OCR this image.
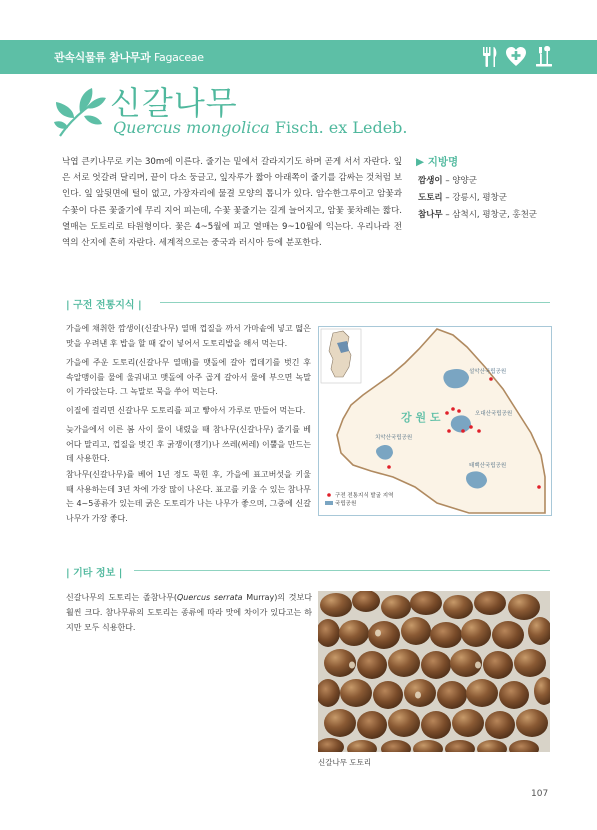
관속식물류 참나무과 Fagaceae
신갈나무
Quercus mongolica Fisch. ex Ledeb.
낙엽 큰키나무로 키는 30m에 이른다. 줄기는 밑에서 갈라지기도 하며 곧게 서서 자란다. 잎은 서로 엇갈려 달리며, 끝이 다소 둥글고, 잎자루가 짧아 아래쪽이 줄기를 감싸는 것처럼 보인다. 잎 앞뒷면에 털이 없고, 가장자리에 물결 모양의 톱니가 있다. 암수한그루이고 암꽃과 수꽃이 다른 꽃줄기에 무리 지어 피는데, 수꽃 꽃줄기는 길게 늘어지고, 암꽃 꽃차례는 짧다. 열매는 도토리로 타원형이다. 꽃은 4~5월에 피고 열매는 9~10월에 익는다. 우리나라 전역의 산지에 흔히 자란다. 세계적으로는 중국과 러시아 등에 분포한다.
▶ 지방명
깜생이 – 양양군
도토리 – 강릉시, 평창군
참나무 – 삼척시, 평창군, 홍천군
| 구전 전통지식 |
가을에 채취한 깜생이(신갈나무) 열매 껍질을 까서 가마솥에 넣고 떫은 맛을 우려낸 후 밥을 할 때 같이 넣어서 도토리밥을 해서 먹는다.
가을에 주운 도토리(신갈나무 열매)를 맷돌에 갈아 껍데기를 벗긴 후 속알맹이를 물에 울궈내고 맷돌에 아주 곱게 갈아서 물에 부으면 녹말이 가라앉는다. 그 녹말로 묵을 쑤어 먹는다.
이질에 걸리면 신갈나무 도토리를 피고 빻아서 가루로 만들어 먹는다.
늦가을에서 이른 봄 사이 물이 내렸을 때 참나무(신갈나무) 줄기를 베어다 말리고, 껍질을 벗긴 후 굵쟁이(쟁기)나 쓰레(써레) 이뿔을 만드는 데 사용한다.
참나무(신갈나무)를 베어 1년 정도 묵힌 후, 가을에 표고버섯을 키울 때 사용하는데 3년 차에 가장 많이 나온다. 표고를 키울 수 있는 참나무는 4~5종류가 있는데 굵은 도토리가 나는 나무가 좋으며, 그중에 신갈나무가 가장 좋다.
강 원 도
설악산국립공원
오대산국립공원
치악산국립공원
태백산국립공원
구전 전통지식 발굴 지역
국립공원
| 기타 정보 |
신갈나무의 도토리는 졸참나무(Quercus serrata Murray)의 것보다 훨씬 크다. 참나무류의 도토리는 종류에 따라 맛에 차이가 있다고는 하지만 모두 식용한다.
신갈나무 도토리
107
